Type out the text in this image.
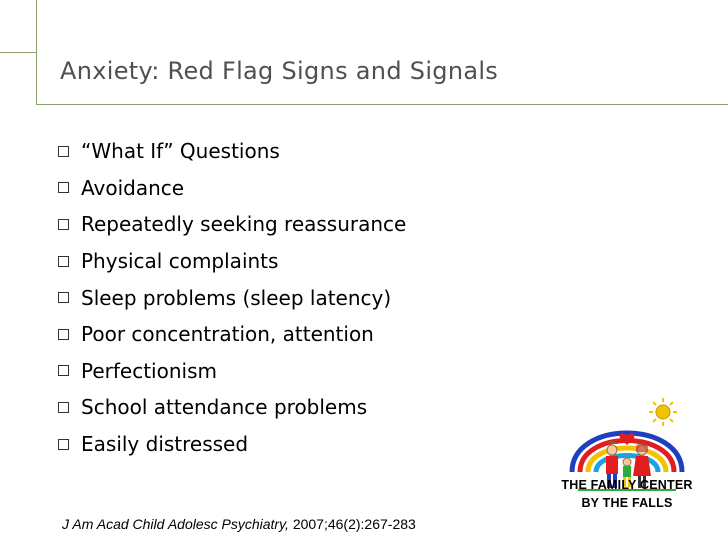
Anxiety: Red Flag Signs and Signals
“What If” Questions
Avoidance
Repeatedly seeking reassurance
Physical complaints
Sleep problems (sleep latency)
Poor concentration, attention
Perfectionism
School attendance problems
Easily distressed
J Am Acad Child Adolesc Psychiatry, 2007;46(2):267-283
THE FAMILY CENTER
BY THE FALLS
